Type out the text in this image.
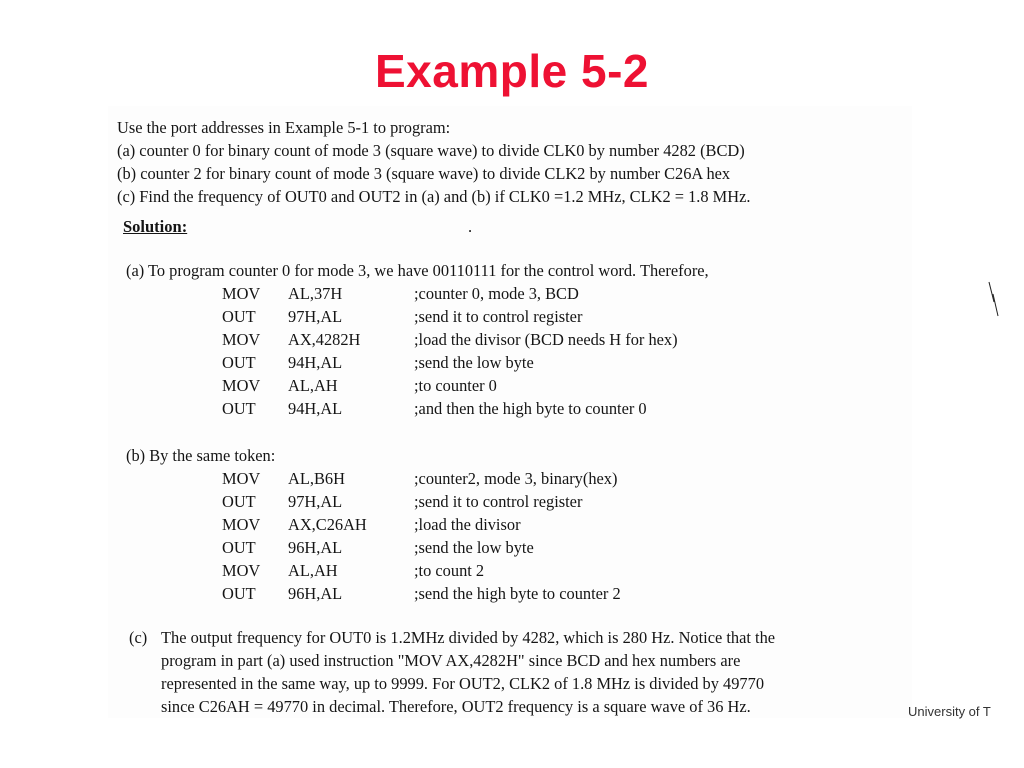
Example 5-2
Use the port addresses in Example 5-1 to program:
(a) counter 0 for binary count of mode 3 (square wave) to divide CLK0 by number 4282 (BCD)
(b) counter 2 for binary count of mode 3 (square wave) to divide CLK2 by number C26A hex
(c) Find the frequency of OUT0 and OUT2 in (a) and (b) if CLK0 =1.2 MHz, CLK2 = 1.8 MHz.
Solution:	.
(a) To program counter 0 for mode 3, we have 00110111 for the control word. Therefore,
MOV AL,37H	;counter 0, mode 3, BCD
OUT 97H,AL	;send it to control register
MOV AX,4282H	;load the divisor (BCD needs H for hex)
OUT 94H,AL	;send the low byte
MOV AL,AH	;to counter 0
OUT 94H,AL	;and then the high byte to counter 0
(b) By the same token:
MOV AL,B6H	;counter2, mode 3, binary(hex)
OUT 97H,AL	;send it to control register
MOV AX,C26AH	;load the divisor
OUT 96H,AL	;send the low byte
MOV AL,AH	;to count 2
OUT 96H,AL	;send the high byte to counter 2
(c) The output frequency for OUT0 is 1.2MHz divided by 4282, which is 280 Hz. Notice that the
program in part (a) used instruction "MOV AX,4282H" since BCD and hex numbers are
represented in the same way, up to 9999. For OUT2, CLK2 of 1.8 MHz is divided by 49770
since C26AH = 49770 in decimal. Therefore, OUT2 frequency is a square wave of 36 Hz.	University of T
